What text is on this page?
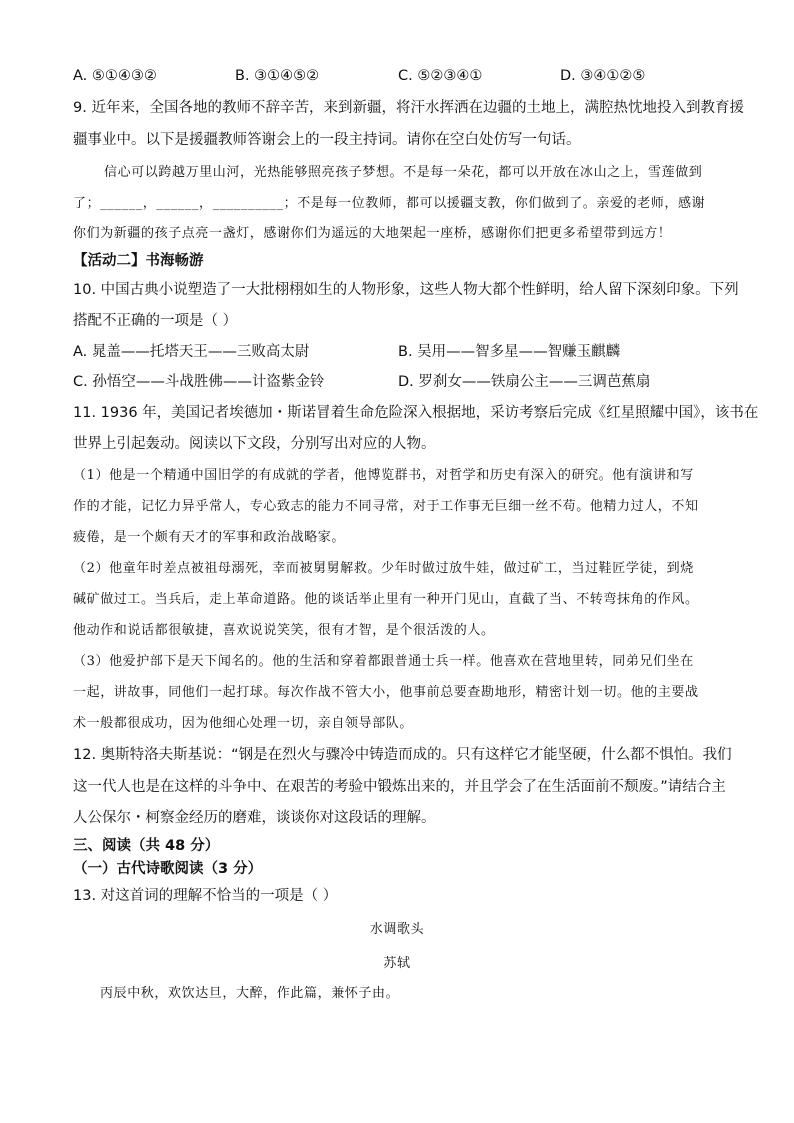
A. ⑤①④③②	B. ③①④⑤②	C. ⑤②③④①	D. ③④①②⑤
9. 近年来，全国各地的教师不辞辛苦，来到新疆，将汗水挥洒在边疆的土地上，满腔热忱地投入到教育援
疆事业中。以下是援疆教师答谢会上的一段主持词。请你在空白处仿写一句话。
信心可以跨越万里山河，光热能够照亮孩子梦想。不是每一朵花，都可以开放在冰山之上，雪莲做到
了；______，______，__________；不是每一位教师，都可以援疆支教，你们做到了。亲爱的老师，感谢
你们为新疆的孩子点亮一盏灯，感谢你们为遥远的大地架起一座桥，感谢你们把更多希望带到远方！
【活动二】书海畅游
10. 中国古典小说塑造了一大批栩栩如生的人物形象，这些人物大都个性鲜明，给人留下深刻印象。下列
搭配不正确的一项是（ ）
A. 晁盖——托塔天王——三败高太尉	B. 吴用——智多星——智赚玉麒麟
C. 孙悟空——斗战胜佛——计盗紫金铃	D. 罗刹女——铁扇公主——三调芭蕉扇
11. 1936 年，美国记者埃德加・斯诺冒着生命危险深入根据地，采访考察后完成《红星照耀中国》，该书在
世界上引起轰动。阅读以下文段，分别写出对应的人物。
（1）他是一个精通中国旧学的有成就的学者，他博览群书，对哲学和历史有深入的研究。他有演讲和写
作的才能，记忆力异乎常人，专心致志的能力不同寻常，对于工作事无巨细一丝不苟。他精力过人，不知
疲倦，是一个颇有天才的军事和政治战略家。
（2）他童年时差点被祖母溺死，幸而被舅舅解救。少年时做过放牛娃，做过矿工，当过鞋匠学徒，到烧
碱矿做过工。当兵后，走上革命道路。他的谈话举止里有一种开门见山，直截了当、不转弯抹角的作风。
他动作和说话都很敏捷，喜欢说说笑笑，很有才智，是个很活泼的人。
（3）他爱护部下是天下闻名的。他的生活和穿着都跟普通士兵一样。他喜欢在营地里转，同弟兄们坐在
一起，讲故事，同他们一起打球。每次作战不管大小，他事前总要查勘地形，精密计划一切。他的主要战
术一般都很成功，因为他细心处理一切，亲自领导部队。
12. 奥斯特洛夫斯基说：“钢是在烈火与骤冷中铸造而成的。只有这样它才能坚硬，什么都不惧怕。我们
这一代人也是在这样的斗争中、在艰苦的考验中锻炼出来的，并且学会了在生活面前不颓废。”请结合主
人公保尔・柯察金经历的磨难，谈谈你对这段话的理解。
三、阅读（共 48 分）
（一）古代诗歌阅读（3 分）
13. 对这首词的理解不恰当的一项是（ ）
水调歌头
苏轼
丙辰中秋，欢饮达旦，大醉，作此篇，兼怀子由。
